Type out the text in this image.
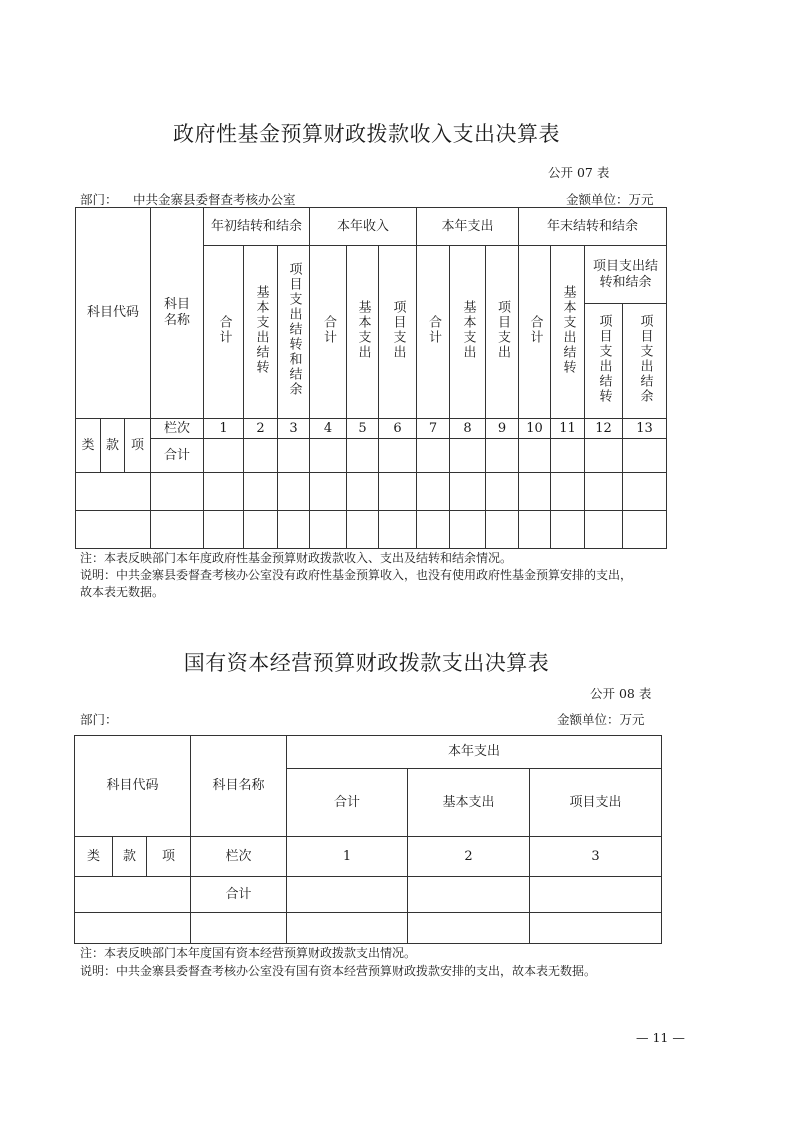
政府性基金预算财政拨款收入支出决算表
公开 07 表
部门： 中共金寨县委督查考核办公室	金额单位：万元
科目代码			科目名称	年初结转和结余			本年收入			本年支出			年末结转和结余			
				合计	基本支出结转	项目支出结转和结余	合计	基本支出	项目支出	合计	基本支出	项目支出	合计	基本支出结转	项目支出结转和结余	

															项目支出结转	项目支出结余
类	款	项	栏次	1	2	3	4	5	6	7	8	9	10	11	12	13
			合计													

注：本表反映部门本年度政府性基金预算财政拨款收入、支出及结转和结余情况。
说明：中共金寨县委督查考核办公室没有政府性基金预算收入，也没有使用政府性基金预算安排的支出，
故本表无数据。
国有资本经营预算财政拨款支出决算表
公开 08 表
部门：	金额单位：万元
科目代码			科目名称	本年支出		
				合计	基本支出	项目支出
类	款	项	栏次	1	2	3
			合计			

注：本表反映部门本年度国有资本经营预算财政拨款支出情况。
说明：中共金寨县委督查考核办公室没有国有资本经营预算财政拨款安排的支出，故本表无数据。
— 11 —
